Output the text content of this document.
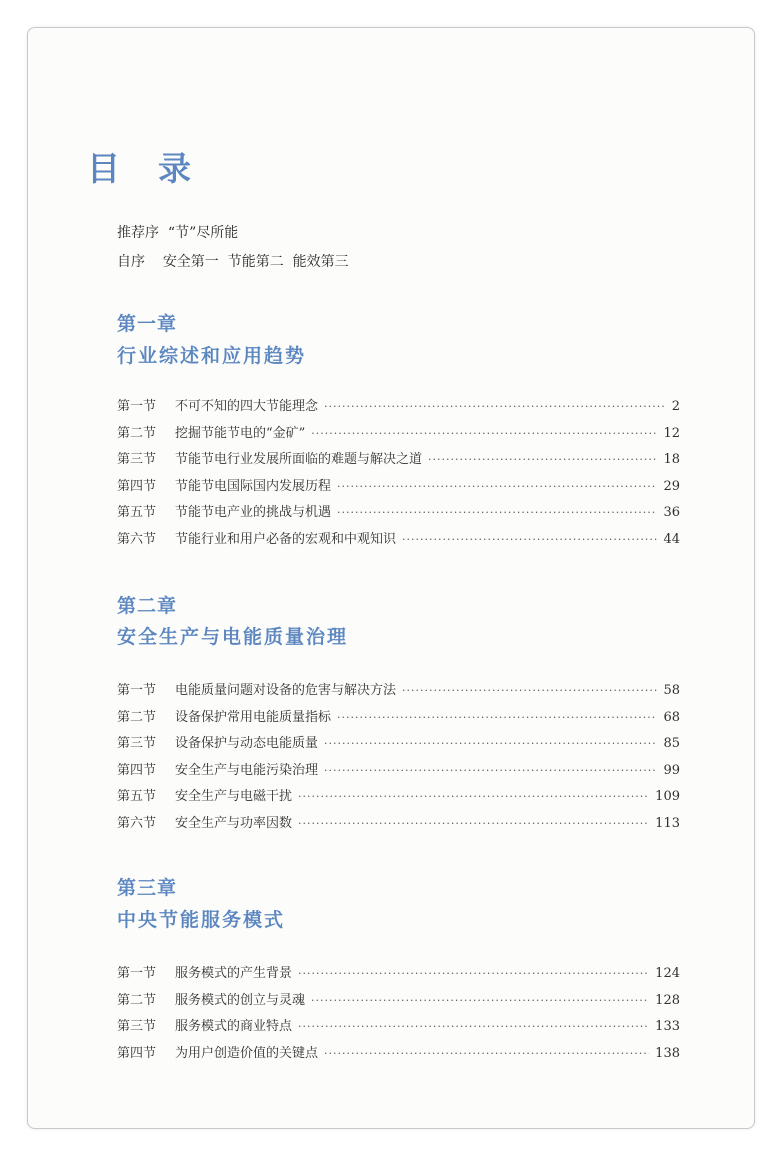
目 录
推荐序 “节”尽所能
自序 安全第一  节能第二  能效第三
第一章
行业综述和应用趋势
第一节	不可不知的四大节能理念 ·····	2
第二节	挖掘节能节电的“金矿” ·····	12
第三节	节能节电行业发展所面临的难题与解决之道 ·····	18
第四节	节能节电国际国内发展历程 ·····	29
第五节	节能节电产业的挑战与机遇 ·····	36
第六节	节能行业和用户必备的宏观和中观知识 ·····	44
第二章
安全生产与电能质量治理
第一节	电能质量问题对设备的危害与解决方法 ·····	58
第二节	设备保护常用电能质量指标 ·····	68
第三节	设备保护与动态电能质量 ·····	85
第四节	安全生产与电能污染治理 ·····	99
第五节	安全生产与电磁干扰 ·····	109
第六节	安全生产与功率因数 ·····	113
第三章
中央节能服务模式
第一节	服务模式的产生背景 ·····	124
第二节	服务模式的创立与灵魂 ·····	128
第三节	服务模式的商业特点 ·····	133
第四节	为用户创造价值的关键点 ·····	138
